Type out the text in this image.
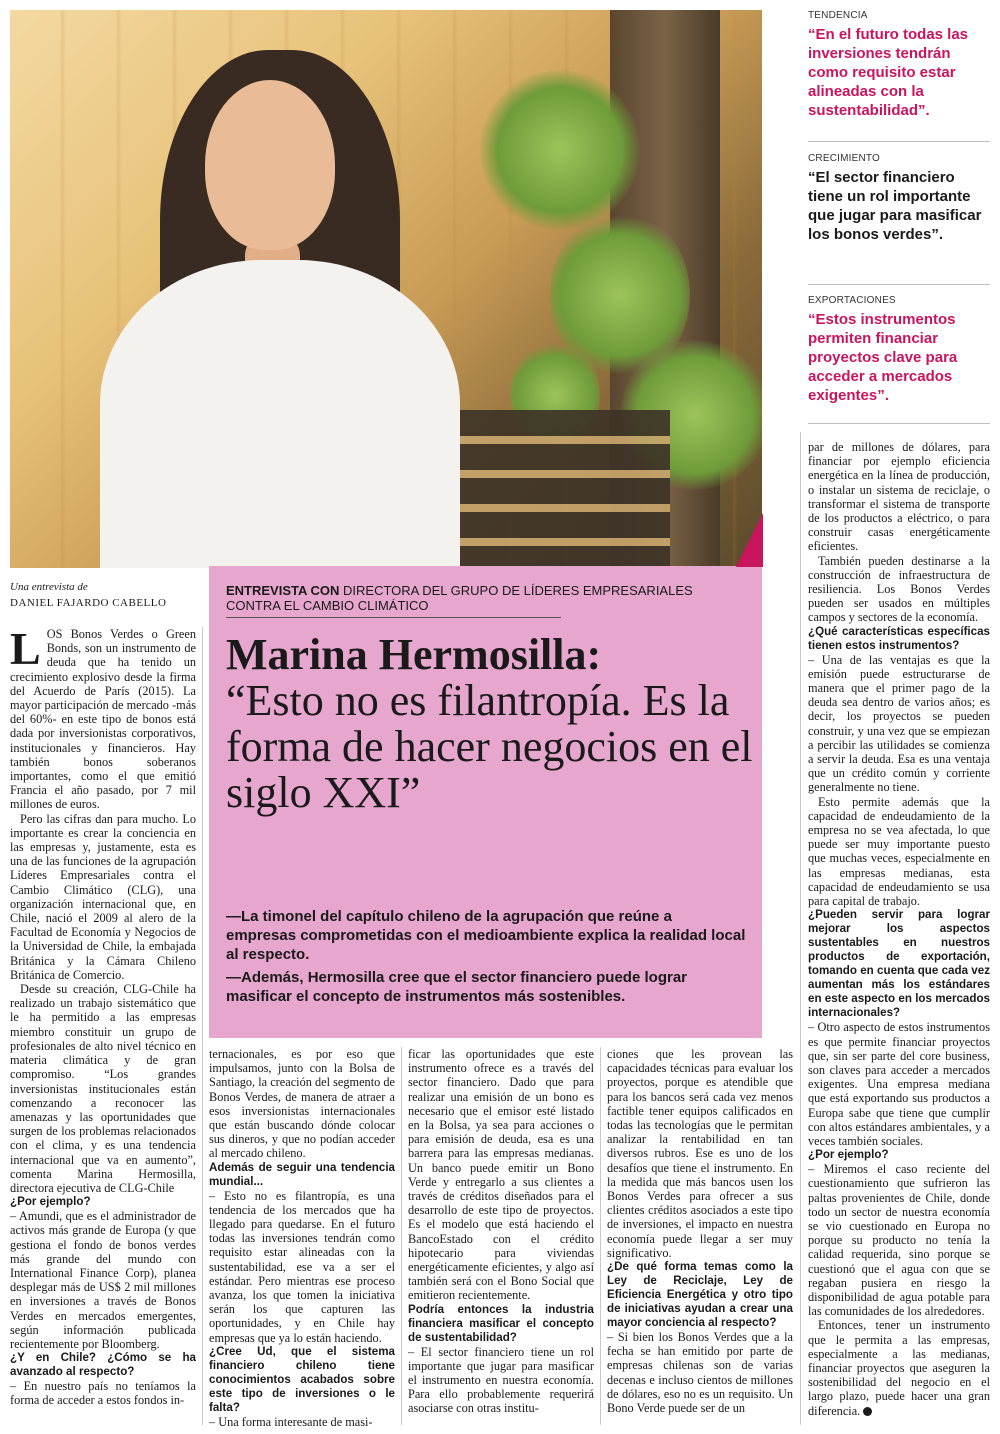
TENDENCIA

“En el futuro todas las inversiones tendrán como requisito estar alineadas con la sustentabilidad”.

CRECIMIENTO

“El sector financiero tiene un rol importante que jugar para masificar los bonos verdes”.

EXPORTACIONES

“Estos instrumentos permiten financiar proyectos clave para acceder a mercados exigentes”.

Una entrevista de
DANIEL FAJARDO CABELLO
ENTREVISTA CON DIRECTORA DEL GRUPO DE LÍDERES EMPRESARIALES CONTRA EL CAMBIO CLIMÁTICO
Marina Hermosilla:
“Esto no es filantropía. Es la forma de hacer negocios en el siglo XXI”

—La timonel del capítulo chileno de la agrupación que reúne a empresas comprometidas con el medioambiente explica la realidad local al respecto.

—Además, Hermosilla cree que el sector financiero puede lograr masificar el concepto de instrumentos más sostenibles.

L OS Bonos Verdes o Green Bonds, son un instrumento de deuda que ha tenido un crecimiento explosivo desde la firma del Acuerdo de París (2015). La mayor participación de mercado -más del 60%- en este tipo de bonos está dada por inversionistas corporativos, institucionales y financieros. Hay también bonos soberanos importantes, como el que emitió Francia el año pasado, por 7 mil millones de euros.

Pero las cifras dan para mucho. Lo importante es crear la conciencia en las empresas y, justamente, esta es una de las funciones de la agrupación Líderes Empresariales contra el Cambio Climático (CLG), una organización internacional que, en Chile, nació el 2009 al alero de la Facultad de Economía y Negocios de la Universidad de Chile, la embajada Británica y la Cámara Chileno Británica de Comercio.

Desde su creación, CLG-Chile ha realizado un trabajo sistemático que le ha permitido a las empresas miembro constituir un grupo de profesionales de alto nivel técnico en materia climática y de gran compromiso. “Los grandes inversionistas institucionales están comenzando a reconocer las amenazas y las oportunidades que surgen de los problemas relacionados con el clima, y es una tendencia internacional que va en aumento”, comenta Marina Hermosilla, directora ejecutiva de CLG-Chile

¿Por ejemplo?

– Amundi, que es el administrador de activos más grande de Europa (y que gestiona el fondo de bonos verdes más grande del mundo con International Finance Corp), planea desplegar más de US$ 2 mil millones en inversiones a través de Bonos Verdes en mercados emergentes, según información publicada recientemente por Bloomberg.

¿Y en Chile? ¿Cómo se ha avanzado al respecto?

– En nuestro país no teníamos la forma de acceder a estos fondos in-

ternacionales, es por eso que impulsamos, junto con la Bolsa de Santiago, la creación del segmento de Bonos Verdes, de manera de atraer a esos inversionistas internacionales que están buscando dónde colocar sus dineros, y que no podían acceder al mercado chileno.

Además de seguir una tendencia mundial...

– Esto no es filantropía, es una tendencia de los mercados que ha llegado para quedarse. En el futuro todas las inversiones tendrán como requisito estar alineadas con la sustentabilidad, ese va a ser el estándar. Pero mientras ese proceso avanza, los que tomen la iniciativa serán los que capturen las oportunidades, y en Chile hay empresas que ya lo están haciendo.

¿Cree Ud, que el sistema financiero chileno tiene conocimientos acabados sobre este tipo de inversiones o le falta?

– Una forma interesante de masi-

ficar las oportunidades que este instrumento ofrece es a través del sector financiero. Dado que para realizar una emisión de un bono es necesario que el emisor esté listado en la Bolsa, ya sea para acciones o para emisión de deuda, esa es una barrera para las empresas medianas. Un banco puede emitir un Bono Verde y entregarlo a sus clientes a través de créditos diseñados para el desarrollo de este tipo de proyectos. Es el modelo que está haciendo el BancoEstado con el crédito hipotecario para viviendas energéticamente eficientes, y algo así también será con el Bono Social que emitieron recientemente.

Podría entonces la industria financiera masificar el concepto de sustentabilidad?

– El sector financiero tiene un rol importante que jugar para masificar el instrumento en nuestra economía. Para ello probablemente requerirá asociarse con otras institu-

ciones que les provean las capacidades técnicas para evaluar los proyectos, porque es atendible que para los bancos será cada vez menos factible tener equipos calificados en todas las tecnologías que le permitan analizar la rentabilidad en tan diversos rubros. Ese es uno de los desafíos que tiene el instrumento. En la medida que más bancos usen los Bonos Verdes para ofrecer a sus clientes créditos asociados a este tipo de inversiones, el impacto en nuestra economía puede llegar a ser muy significativo.

¿De qué forma temas como la Ley de Reciclaje, Ley de Eficiencia Energética y otro tipo de iniciativas ayudan a crear una mayor conciencia al respecto?

– Si bien los Bonos Verdes que a la fecha se han emitido por parte de empresas chilenas son de varias decenas e incluso cientos de millones de dólares, eso no es un requisito. Un Bono Verde puede ser de un

par de millones de dólares, para financiar por ejemplo eficiencia energética en la línea de producción, o instalar un sistema de reciclaje, o transformar el sistema de transporte de los productos a eléctrico, o para construir casas energéticamente eficientes.

También pueden destinarse a la construcción de infraestructura de resiliencia. Los Bonos Verdes pueden ser usados en múltiples campos y sectores de la economía.

¿Qué características específicas tienen estos instrumentos?

– Una de las ventajas es que la emisión puede estructurarse de manera que el primer pago de la deuda sea dentro de varios años; es decir, los proyectos se pueden construir, y una vez que se empiezan a percibir las utilidades se comienza a servir la deuda. Esa es una ventaja que un crédito común y corriente generalmente no tiene.

Esto permite además que la capacidad de endeudamiento de la empresa no se vea afectada, lo que puede ser muy importante puesto que muchas veces, especialmente en las empresas medianas, esta capacidad de endeudamiento se usa para capital de trabajo.

¿Pueden servir para lograr mejorar los aspectos sustentables en nuestros productos de exportación, tomando en cuenta que cada vez aumentan más los estándares en este aspecto en los mercados internacionales?

– Otro aspecto de estos instrumentos es que permite financiar proyectos que, sin ser parte del core business, son claves para acceder a mercados exigentes. Una empresa mediana que está exportando sus productos a Europa sabe que tiene que cumplir con altos estándares ambientales, y a veces también sociales.

¿Por ejemplo?

– Miremos el caso reciente del cuestionamiento que sufrieron las paltas provenientes de Chile, donde todo un sector de nuestra economía se vio cuestionado en Europa no porque su producto no tenía la calidad requerida, sino porque se cuestionó que el agua con que se regaban pusiera en riesgo la disponibilidad de agua potable para las comunidades de los alrededores.

Entonces, tener un instrumento que le permita a las empresas, especialmente a las medianas, financiar proyectos que aseguren la sostenibilidad del negocio en el largo plazo, puede hacer una gran diferencia.
